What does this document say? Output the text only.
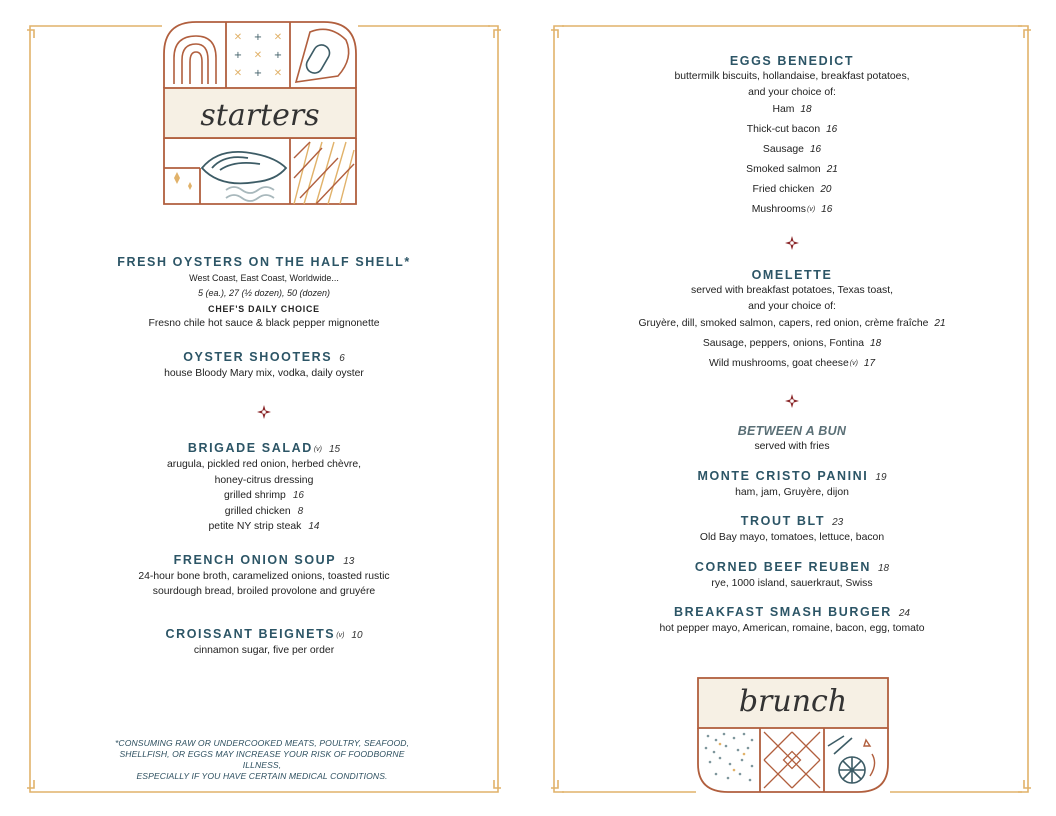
✕ + ✕
+ ✕ +
✕ + ✕
starters
FRESH OYSTERS ON THE HALF SHELL*
West Coast, East Coast, Worldwide...
5 (ea.), 27 (½ dozen), 50 (dozen)
CHEF'S DAILY CHOICE
Fresno chile hot sauce & black pepper mignonette
OYSTER SHOOTERS 6
house Bloody Mary mix, vodka, daily oyster
BRIGADE SALAD(v) 15
arugula, pickled red onion, herbed chèvre,
honey-citrus dressing
grilled shrimp 16
grilled chicken 8
petite NY strip steak 14
FRENCH ONION SOUP 13
24-hour bone broth, caramelized onions, toasted rustic
sourdough bread, broiled provolone and gruyére
CROISSANT BEIGNETS(v) 10
cinnamon sugar, five per order
*CONSUMING RAW OR UNDERCOOKED MEATS, POULTRY, SEAFOOD,
SHELLFISH, OR EGGS MAY INCREASE YOUR RISK OF FOODBORNE ILLNESS,
ESPECIALLY IF YOU HAVE CERTAIN MEDICAL CONDITIONS.
EGGS BENEDICT
buttermilk biscuits, hollandaise, breakfast potatoes,
and your choice of:
Ham 18
Thick-cut bacon 16
Sausage 16
Smoked salmon 21
Fried chicken 20
Mushrooms(v) 16
OMELETTE
served with breakfast potatoes, Texas toast,
and your choice of:
Gruyère, dill, smoked salmon, capers, red onion, crème fraîche 21
Sausage, peppers, onions, Fontina 18
Wild mushrooms, goat cheese(v) 17
BETWEEN A BUN
served with fries
MONTE CRISTO PANINI 19
ham, jam, Gruyère, dijon
TROUT BLT 23
Old Bay mayo, tomatoes, lettuce, bacon
CORNED BEEF REUBEN 18
rye, 1000 island, sauerkraut, Swiss
BREAKFAST SMASH BURGER 24
hot pepper mayo, American, romaine, bacon, egg, tomato
brunch
